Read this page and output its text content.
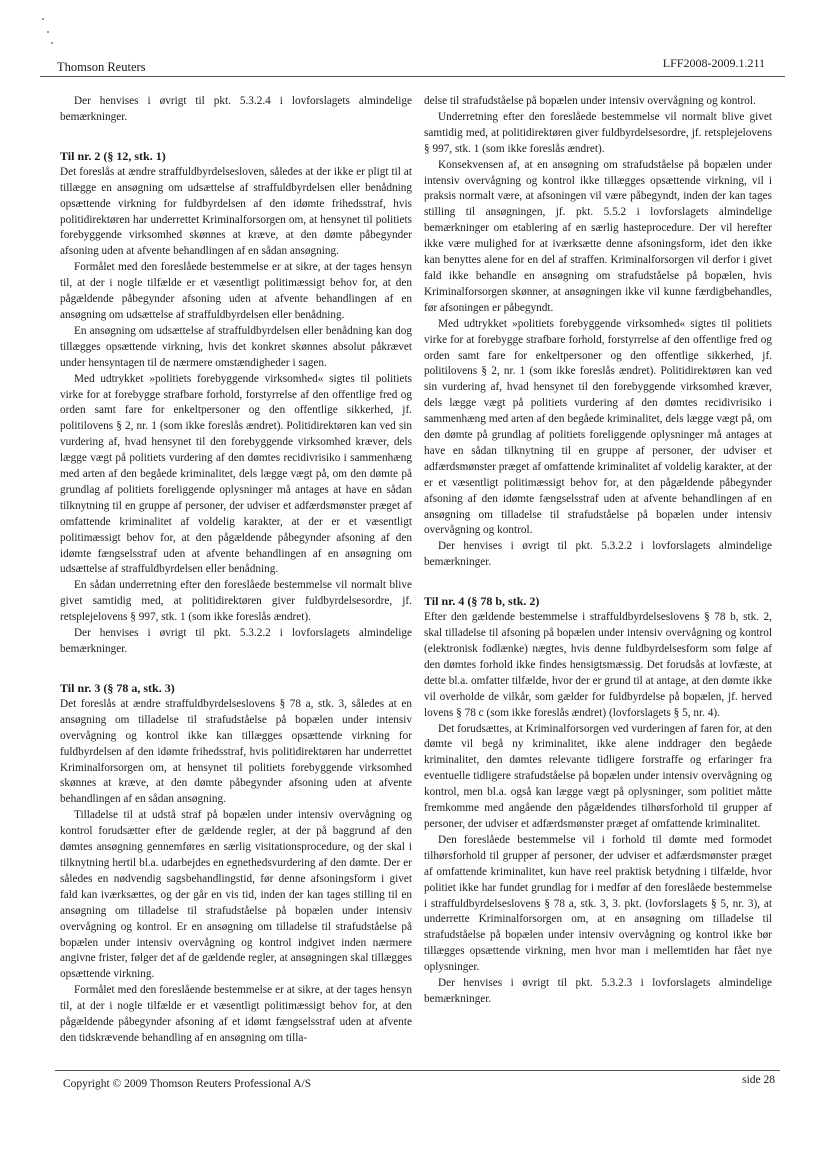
Thomson Reuters	LFF2008-2009.1.211

Der henvises i øvrigt til pkt. 5.3.2.4 i lovforslagets almindelige bemærkninger.

Til nr. 2 (§ 12, stk. 1)

Det foreslås at ændre straffuldbyrdelsesloven, således at der ikke er pligt til at tillægge en ansøgning om udsættelse af straffuldbyrdelsen eller benådning opsættende virkning for fuldbyrdelsen af den idømte frihedsstraf, hvis politidirektøren har underrettet Kriminalforsorgen om, at hensynet til politiets forebyggende virksomhed skønnes at kræve, at den dømte påbegynder afsoning uden at afvente behandlingen af en sådan ansøgning.

Formålet med den foreslåede bestemmelse er at sikre, at der tages hensyn til, at der i nogle tilfælde er et væsentligt politimæssigt behov for, at den pågældende påbegynder afsoning uden at afvente behandlingen af en ansøgning om udsættelse af straffuldbyrdelsen eller benådning.

En ansøgning om udsættelse af straffuldbyrdelsen eller benådning kan dog tillægges opsættende virkning, hvis det konkret skønnes absolut påkrævet under hensyntagen til de nærmere omstændigheder i sagen.

Med udtrykket »politiets forebyggende virksomhed« sigtes til politiets virke for at forebygge strafbare forhold, forstyrrelse af den offentlige fred og orden samt fare for enkeltpersoner og den offentlige sikkerhed, jf. politilovens § 2, nr. 1 (som ikke foreslås ændret). Politidirektøren kan ved sin vurdering af, hvad hensynet til den forebyggende virksomhed kræver, dels lægge vægt på politiets vurdering af den dømtes recidivrisiko i sammenhæng med arten af den begåede kriminalitet, dels lægge vægt på, om den dømte på grundlag af politiets foreliggende oplysninger må antages at have en sådan tilknytning til en gruppe af personer, der udviser et adfærdsmønster præget af omfattende kriminalitet af voldelig karakter, at der er et væsentligt politimæssigt behov for, at den pågældende påbegynder afsoning af den idømte fængselsstraf uden at afvente behandlingen af en ansøgning om udsættelse af straffuldbyrdelsen eller benådning.

En sådan underretning efter den foreslåede bestemmelse vil normalt blive givet samtidig med, at politidirektøren giver fuldbyrdelsesordre, jf. retsplejelovens § 997, stk. 1 (som ikke foreslås ændret).

Der henvises i øvrigt til pkt. 5.3.2.2 i lovforslagets almindelige bemærkninger.

Til nr. 3 (§ 78 a, stk. 3)

Det foreslås at ændre straffuldbyrdelseslovens § 78 a, stk. 3, således at en ansøgning om tilladelse til strafudståelse på bopælen under intensiv overvågning og kontrol ikke kan tillægges opsættende virkning for fuldbyrdelsen af den idømte frihedsstraf, hvis politidirektøren har underrettet Kriminalforsorgen om, at hensynet til politiets forebyggende virksomhed skønnes at kræve, at den dømte påbegynder afsoning uden at afvente behandlingen af en sådan ansøgning.

Tilladelse til at udstå straf på bopælen under intensiv overvågning og kontrol forudsætter efter de gældende regler, at der på baggrund af den dømtes ansøgning gennemføres en særlig visitationsprocedure, og der skal i tilknytning hertil bl.a. udarbejdes en egnethedsvurdering af den dømte. Der er således en nødvendig sagsbehandlingstid, før denne afsoningsform i givet fald kan iværksættes, og der går en vis tid, inden der kan tages stilling til en ansøgning om tilladelse til strafudståelse på bopælen under intensiv overvågning og kontrol. Er en ansøgning om tilladelse til strafudståelse på bopælen under intensiv overvågning og kontrol indgivet inden nærmere angivne frister, følger det af de gældende regler, at ansøgningen skal tillægges opsættende virkning.

Formålet med den foreslående bestemmelse er at sikre, at der tages hensyn til, at der i nogle tilfælde er et væsentligt politimæssigt behov for, at den pågældende påbegynder afsoning af et idømt fængselsstraf uden at afvente den tidskrævende behandling af en ansøgning om tilla-

delse til strafudståelse på bopælen under intensiv overvågning og kontrol.

Underretning efter den foreslåede bestemmelse vil normalt blive givet samtidig med, at politidirektøren giver fuldbyrdelsesordre, jf. retsplejelovens § 997, stk. 1 (som ikke foreslås ændret).

Konsekvensen af, at en ansøgning om strafudståelse på bopælen under intensiv overvågning og kontrol ikke tillægges opsættende virkning, vil i praksis normalt være, at afsoningen vil være påbegyndt, inden der kan tages stilling til ansøgningen, jf. pkt. 5.5.2 i lovforslagets almindelige bemærkninger om etablering af en særlig hasteprocedure. Der vil herefter ikke være mulighed for at iværksætte denne afsoningsform, idet den ikke kan benyttes alene for en del af straffen. Kriminalforsorgen vil derfor i givet fald ikke behandle en ansøgning om strafudståelse på bopælen, hvis Kriminalforsorgen skønner, at ansøgningen ikke vil kunne færdigbehandles, før afsoningen er påbegyndt.

Med udtrykket »politiets forebyggende virksomhed« sigtes til politiets virke for at forebygge strafbare forhold, forstyrrelse af den offentlige fred og orden samt fare for enkeltpersoner og den offentlige sikkerhed, jf. politilovens § 2, nr. 1 (som ikke foreslås ændret). Politidirektøren kan ved sin vurdering af, hvad hensynet til den forebyggende virksomhed kræver, dels lægge vægt på politiets vurdering af den dømtes recidivrisiko i sammenhæng med arten af den begåede kriminalitet, dels lægge vægt på, om den dømte på grundlag af politiets foreliggende oplysninger må antages at have en sådan tilknytning til en gruppe af personer, der udviser et adfærdsmønster præget af omfattende kriminalitet af voldelig karakter, at der er et væsentligt politimæssigt behov for, at den pågældende påbegynder afsoning af den idømte fængselsstraf uden at afvente behandlingen af en ansøgning om tilladelse til strafudståelse på bopælen under intensiv overvågning og kontrol.

Der henvises i øvrigt til pkt. 5.3.2.2 i lovforslagets almindelige bemærkninger.

Til nr. 4 (§ 78 b, stk. 2)

Efter den gældende bestemmelse i straffuldbyrdelseslovens § 78 b, stk. 2, skal tilladelse til afsoning på bopælen under intensiv overvågning og kontrol (elektronisk fodlænke) nægtes, hvis denne fuldbyrdelsesform som følge af den dømtes forhold ikke findes hensigtsmæssig. Det forudsås at lovfæste, at dette bl.a. omfatter tilfælde, hvor der er grund til at antage, at den dømte ikke vil overholde de vilkår, som gælder for fuldbyrdelse på bopælen, jf. herved lovens § 78 c (som ikke foreslås ændret) (lovforslagets § 5, nr. 4).

Det forudsættes, at Kriminalforsorgen ved vurderingen af faren for, at den dømte vil begå ny kriminalitet, ikke alene inddrager den begåede kriminalitet, den dømtes relevante tidligere forstraffe og erfaringer fra eventuelle tidligere strafudståelse på bopælen under intensiv overvågning og kontrol, men bl.a. også kan lægge vægt på oplysninger, som politiet måtte fremkomme med angående den pågældendes tilhørsforhold til grupper af personer, der udviser et adfærdsmønster præget af omfattende kriminalitet.

Den foreslåede bestemmelse vil i forhold til dømte med formodet tilhørsforhold til grupper af personer, der udviser et adfærdsmønster præget af omfattende kriminalitet, kun have reel praktisk betydning i tilfælde, hvor politiet ikke har fundet grundlag for i medfør af den foreslåede bestemmelse i straffuldbyrdelseslovens § 78 a, stk. 3, 3. pkt. (lovforslagets § 5, nr. 3), at underrette Kriminalforsorgen om, at en ansøgning om tilladelse til strafudståelse på bopælen under intensiv overvågning og kontrol ikke bør tillægges opsættende virkning, men hvor man i mellemtiden har fået nye oplysninger.

Der henvises i øvrigt til pkt. 5.3.2.3 i lovforslagets almindelige bemærkninger.

Copyright © 2009 Thomson Reuters Professional A/S	side 28
